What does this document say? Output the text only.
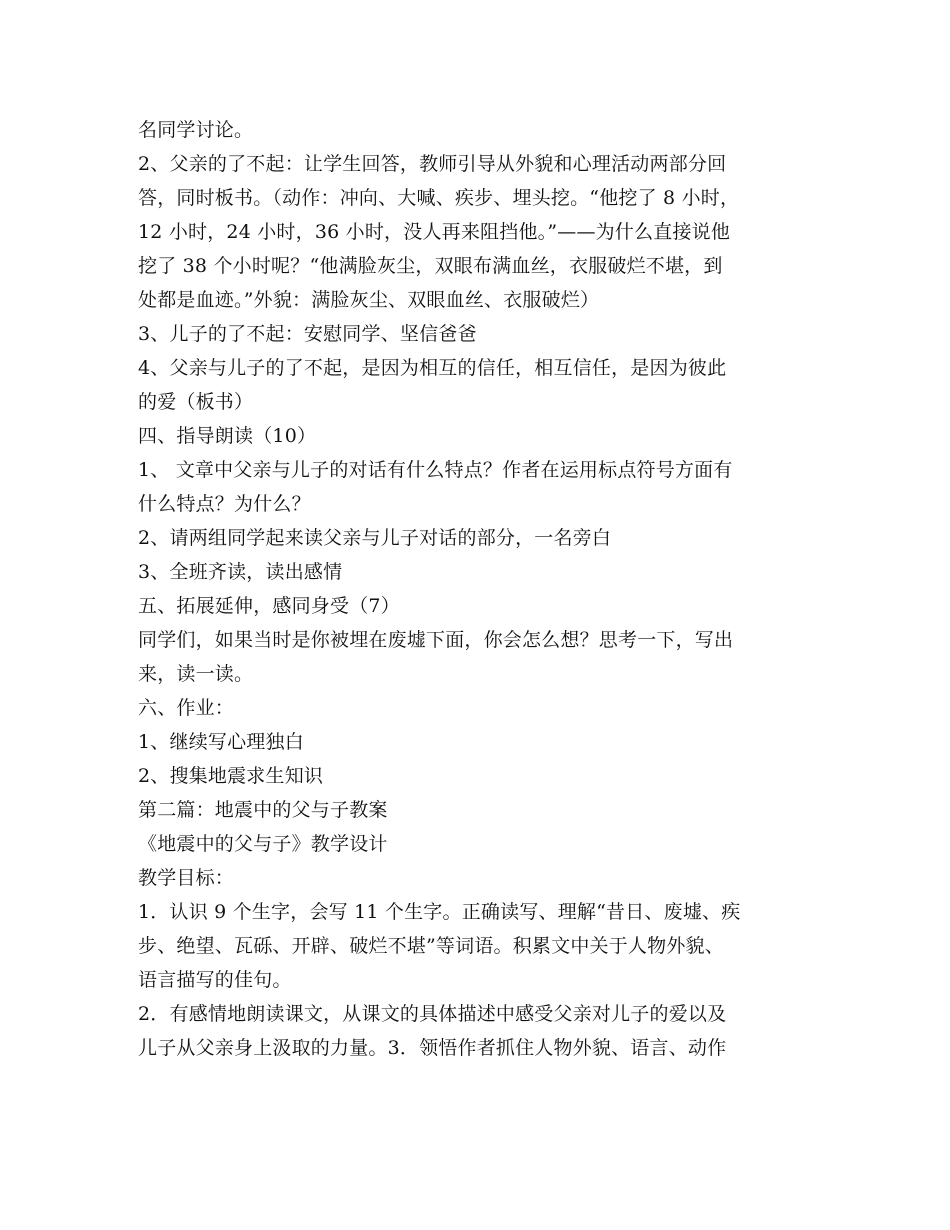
名同学讨论。
2、父亲的了不起：让学生回答，教师引导从外貌和心理活动两部分回
答，同时板书。（动作：冲向、大喊、疾步、埋头挖。“他挖了 8 小时，
12 小时，24 小时，36 小时，没人再来阻挡他。”——为什么直接说他
挖了 38 个小时呢？“他满脸灰尘，双眼布满血丝，衣服破烂不堪，到
处都是血迹。”外貌：满脸灰尘、双眼血丝、衣服破烂）
3、儿子的了不起：安慰同学、坚信爸爸
4、父亲与儿子的了不起，是因为相互的信任，相互信任，是因为彼此
的爱（板书）
四、指导朗读（10）
1、 文章中父亲与儿子的对话有什么特点？作者在运用标点符号方面有
什么特点？为什么？
2、请两组同学起来读父亲与儿子对话的部分，一名旁白
3、全班齐读，读出感情
五、拓展延伸，感同身受（7）
同学们，如果当时是你被埋在废墟下面，你会怎么想？思考一下，写出
来，读一读。
六、作业：
1、继续写心理独白
2、搜集地震求生知识
第二篇：地震中的父与子教案
《地震中的父与子》教学设计
教学目标：
1．认识 9 个生字，会写 11 个生字。正确读写、理解“昔日、废墟、疾
步、绝望、瓦砾、开辟、破烂不堪”等词语。积累文中关于人物外貌、
语言描写的佳句。
2．有感情地朗读课文，从课文的具体描述中感受父亲对儿子的爱以及
儿子从父亲身上汲取的力量。3．领悟作者抓住人物外貌、语言、动作
